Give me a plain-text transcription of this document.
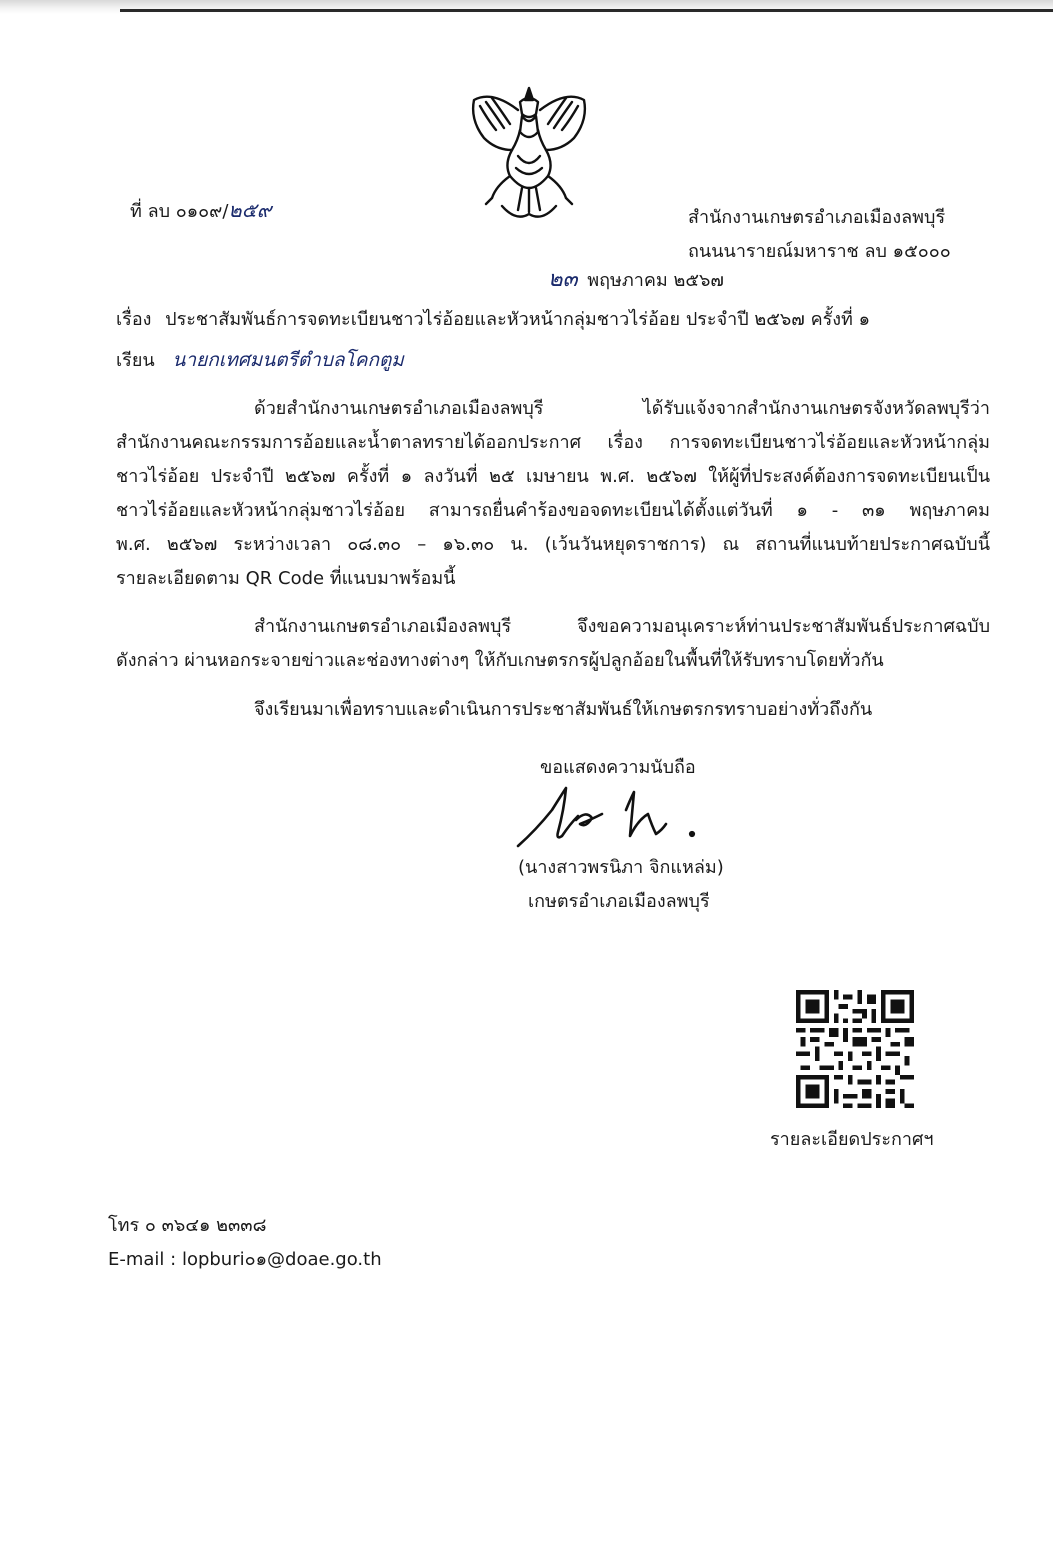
ที่ ลบ ๐๑๐๙/๒๕๙	สำนักงานเกษตรอำเภอเมืองลพบุรี
ถนนนารายณ์มหาราช ลบ ๑๕๐๐๐
๒๓ พฤษภาคม ๒๕๖๗
เรื่อง ประชาสัมพันธ์การจดทะเบียนชาวไร่อ้อยและหัวหน้ากลุ่มชาวไร่อ้อย ประจำปี ๒๕๖๗ ครั้งที่ ๑
เรียน นายกเทศมนตรีตำบลโคกตูม
ด้วยสำนักงานเกษตรอำเภอเมืองลพบุรี ได้รับแจ้งจากสำนักงานเกษตรจังหวัดลพบุรีว่า
สำนักงานคณะกรรมการอ้อยและน้ำตาลทรายได้ออกประกาศ เรื่อง การจดทะเบียนชาวไร่อ้อยและหัวหน้ากลุ่ม
ชาวไร่อ้อย ประจำปี ๒๕๖๗ ครั้งที่ ๑ ลงวันที่ ๒๕ เมษายน พ.ศ. ๒๕๖๗ ให้ผู้ที่ประสงค์ต้องการจดทะเบียนเป็น
ชาวไร่อ้อยและหัวหน้ากลุ่มชาวไร่อ้อย สามารถยื่นคำร้องขอจดทะเบียนได้ตั้งแต่วันที่ ๑ - ๓๑ พฤษภาคม
พ.ศ. ๒๕๖๗ ระหว่างเวลา ๐๘.๓๐ – ๑๖.๓๐ น. (เว้นวันหยุดราชการ) ณ สถานที่แนบท้ายประกาศฉบับนี้
รายละเอียดตาม QR Code ที่แนบมาพร้อมนี้
สำนักงานเกษตรอำเภอเมืองลพบุรี จึงขอความอนุเคราะห์ท่านประชาสัมพันธ์ประกาศฉบับ
ดังกล่าว ผ่านหอกระจายข่าวและช่องทางต่างๆ ให้กับเกษตรกรผู้ปลูกอ้อยในพื้นที่ให้รับทราบโดยทั่วกัน
จึงเรียนมาเพื่อทราบและดำเนินการประชาสัมพันธ์ให้เกษตรกรทราบอย่างทั่วถึงกัน
ขอแสดงความนับถือ
(นางสาวพรนิภา จิกแหล่ม)
เกษตรอำเภอเมืองลพบุรี
รายละเอียดประกาศฯ
โทร ๐ ๓๖๔๑ ๒๓๓๘
E-mail : lopburi๐๑@doae.go.th
